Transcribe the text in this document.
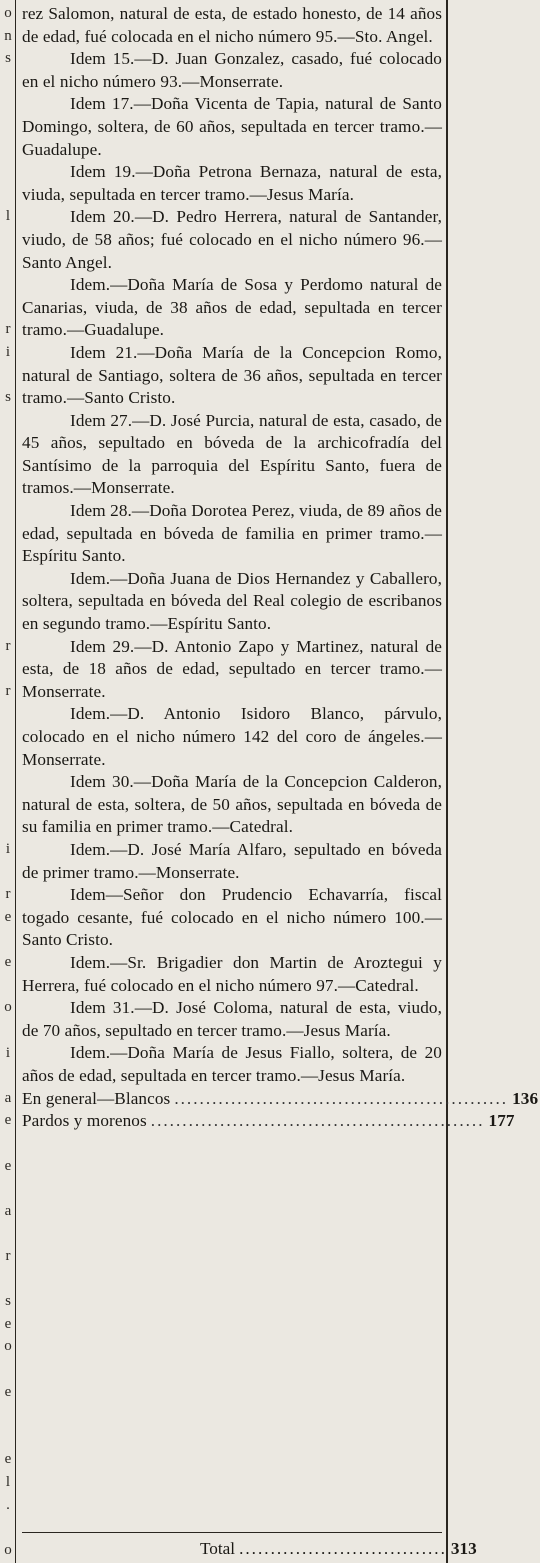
o
n
s
l
r
i
s
r
r
i
r
e
e
o
i
a
e
e
a
r
s
e
o
e
e
l
.
o

rez Salomon, natural de esta, de estado honesto, de 14 años de edad, fué colocada en el nicho número 95.—Sto. Angel.

Idem 15.—D. Juan Gonzalez, casado, fué colocado en el nicho número 93.—Monserrate.

Idem 17.—Doña Vicenta de Tapia, natural de Santo Domingo, soltera, de 60 años, sepultada en tercer tramo.—Guadalupe.

Idem 19.—Doña Petrona Bernaza, natural de esta, viuda, sepultada en tercer tramo.—Jesus María.

Idem 20.—D. Pedro Herrera, natural de Santander, viudo, de 58 años; fué colocado en el nicho número 96.—Santo Angel.

Idem.—Doña María de Sosa y Perdomo natural de Canarias, viuda, de 38 años de edad, sepultada en tercer tramo.—Guadalupe.

Idem 21.—Doña María de la Concepcion Romo, natural de Santiago, soltera de 36 años, sepultada en tercer tramo.—Santo Cristo.

Idem 27.—D. José Purcia, natural de esta, casado, de 45 años, sepultado en bóveda de la archicofradía del Santísimo de la parroquia del Espíritu Santo, fuera de tramos.—Monserrate.

Idem 28.—Doña Dorotea Perez, viuda, de 89 años de edad, sepultada en bóveda de familia en primer tramo.—Espíritu Santo.

Idem.—Doña Juana de Dios Hernandez y Caballero, soltera, sepultada en bóveda del Real colegio de escribanos en segundo tramo.—Espíritu Santo.

Idem 29.—D. Antonio Zapo y Martinez, natural de esta, de 18 años de edad, sepultado en tercer tramo.—Monserrate.

Idem.—D. Antonio Isidoro Blanco, párvulo, colocado en el nicho número 142 del coro de ángeles.—Monserrate.

Idem 30.—Doña María de la Concepcion Calderon, natural de esta, soltera, de 50 años, sepultada en bóveda de su familia en primer tramo.—Catedral.

Idem.—D. José María Alfaro, sepultado en bóveda de primer tramo.—Monserrate.

Idem—Señor don Prudencio Echavarría, fiscal togado cesante, fué colocado en el nicho número 100.—Santo Cristo.

Idem.—Sr. Brigadier don Martin de Aroztegui y Herrera, fué colocado en el nicho número 97.—Catedral.

Idem 31.—D. José Coloma, natural de esta, viudo, de 70 años, sepultado en tercer tramo.—Jesus María.

Idem.—Doña María de Jesus Fiallo, soltera, de 20 años de edad, sepultada en tercer tramo.—Jesus María.

En general—Blancos ..................................................... 136
Pardos y morenos ..................................................... 177
Total ................................. 313
